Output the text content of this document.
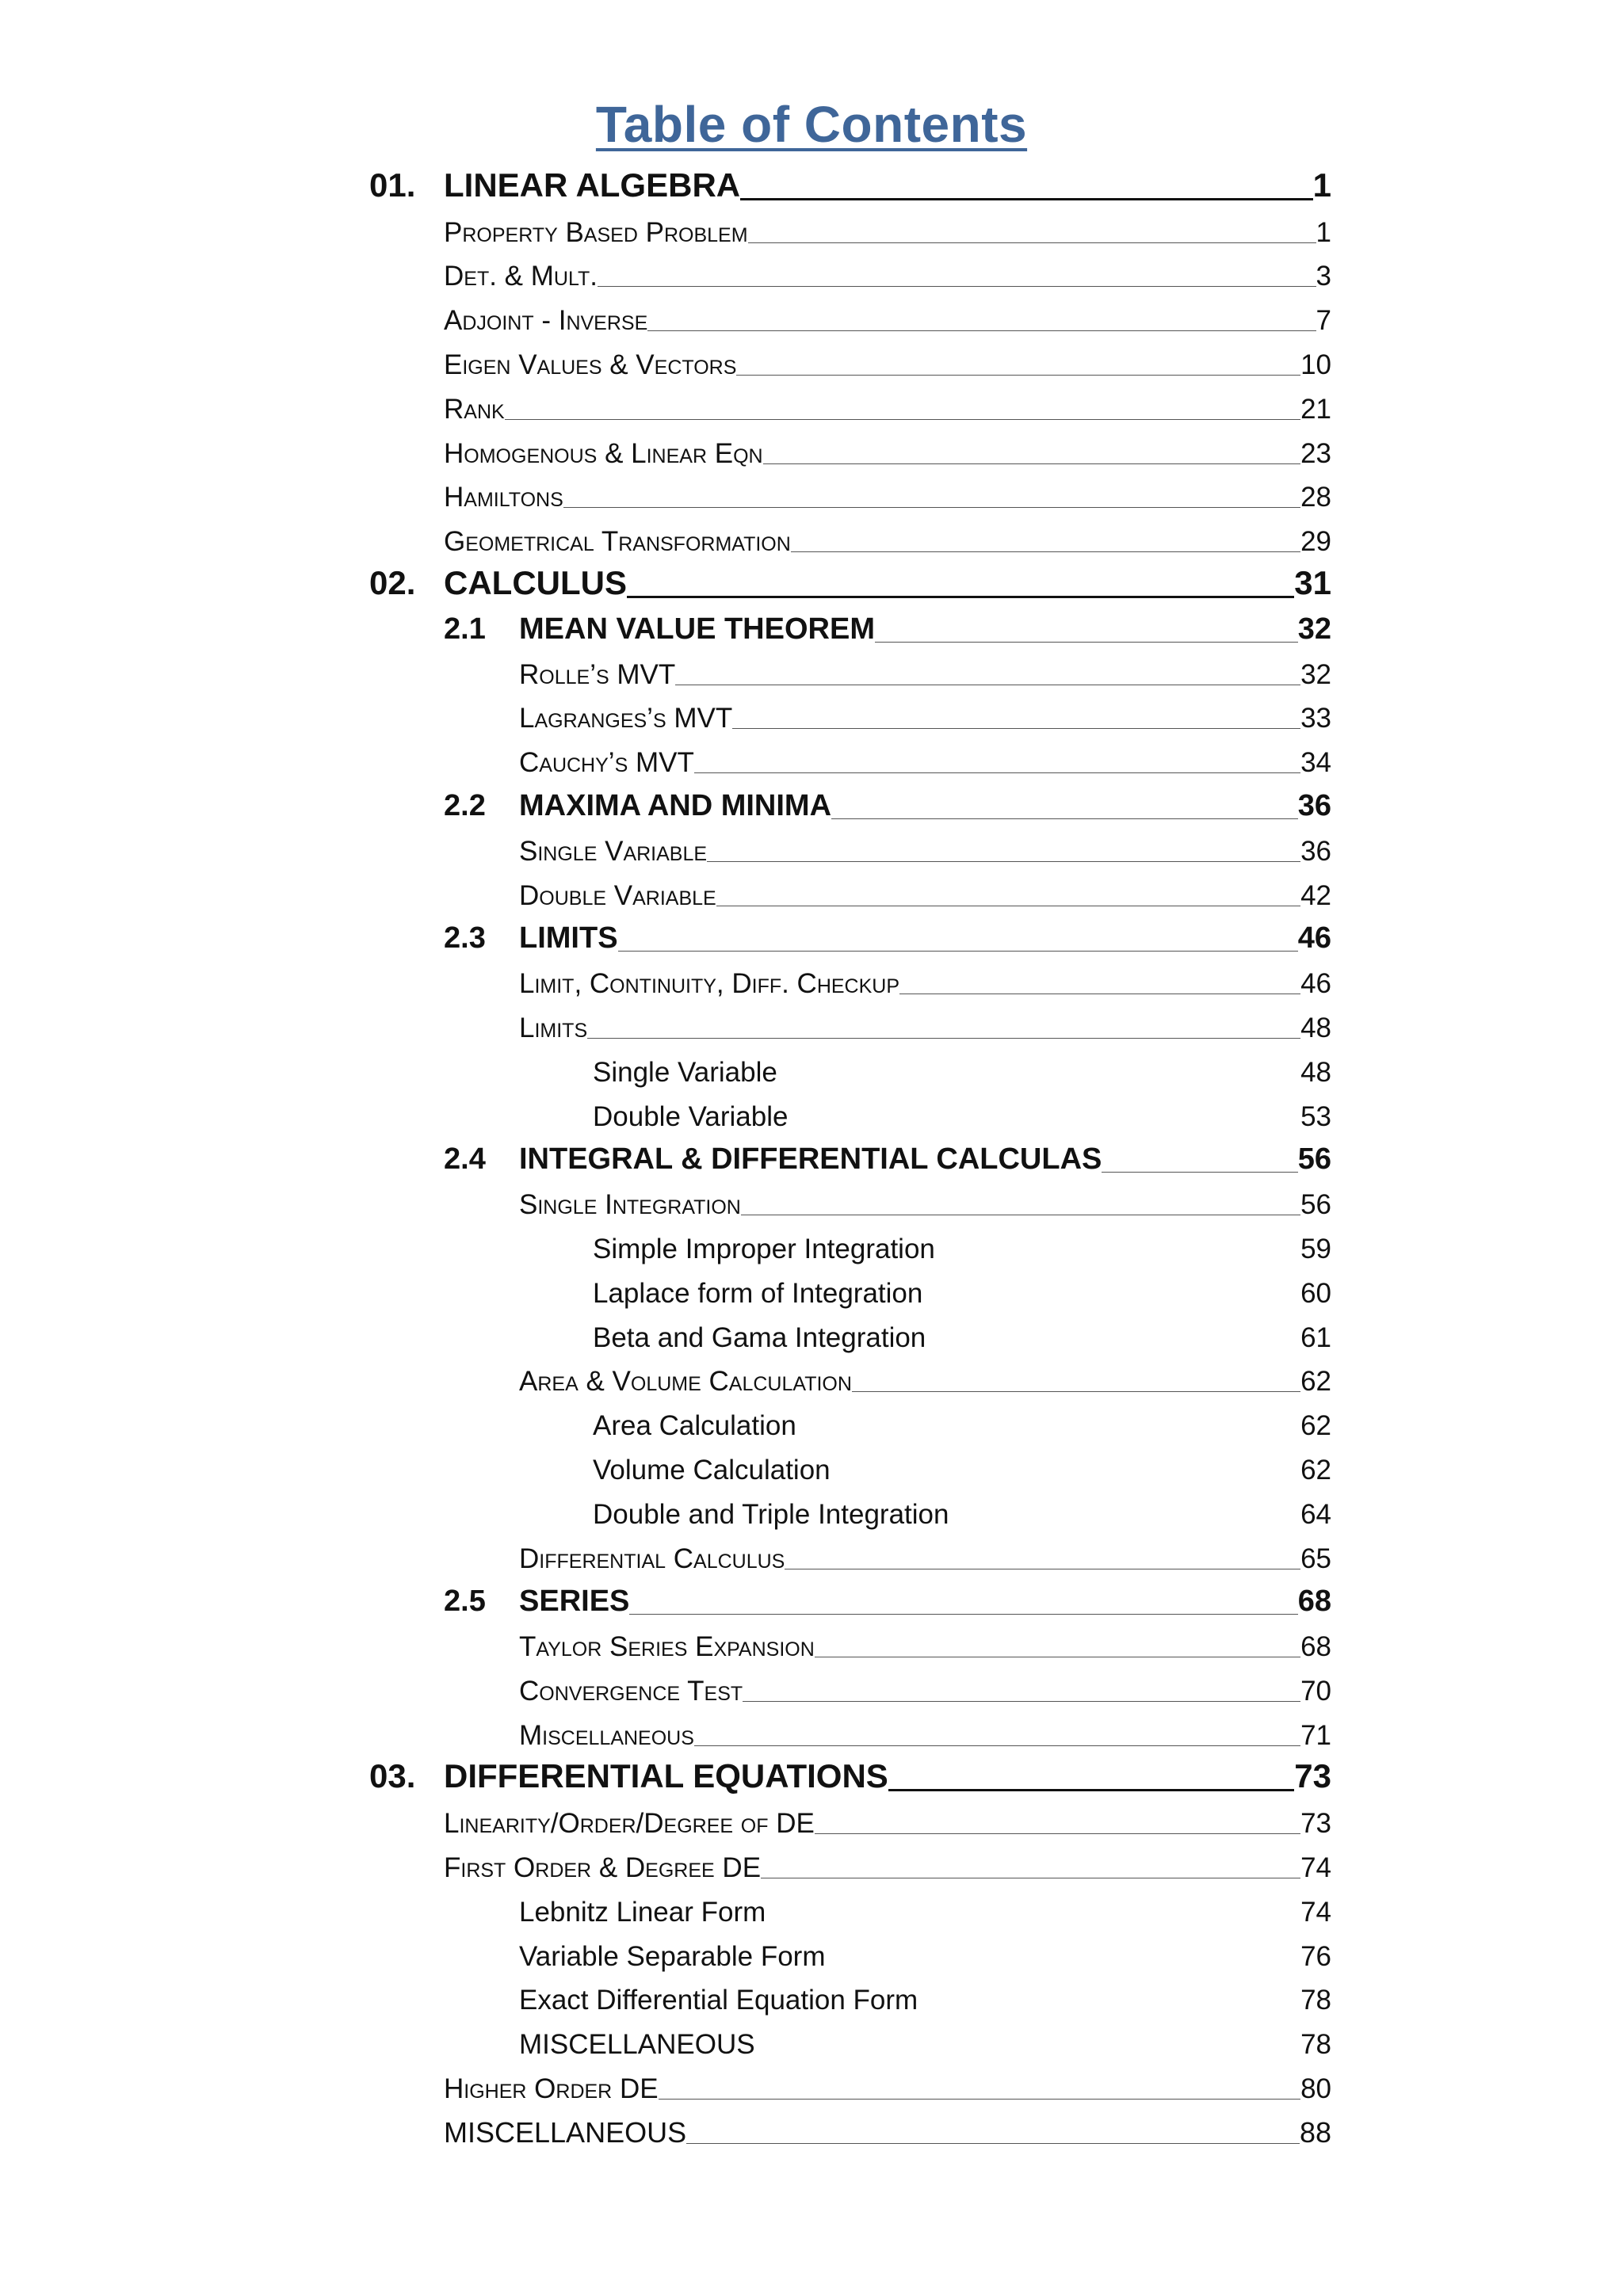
Table of Contents
01. LINEAR ALGEBRA	1
Property Based Problem	1
Det. & Mult.	3
Adjoint - Inverse	7
Eigen Values & Vectors	10
Rank	21
Homogenous & Linear Eqn	23
Hamiltons	28
Geometrical Transformation	29
02. CALCULUS	31
2.1 MEAN VALUE THEOREM	32
Rolle’s MVT	32
Lagranges’s MVT	33
Cauchy’s MVT	34
2.2 MAXIMA AND MINIMA	36
Single Variable	36
Double Variable	42
2.3 LIMITS	46
Limit, Continuity, Diff. Checkup	46
Limits	48
Single Variable	48
Double Variable	53
2.4 INTEGRAL & DIFFERENTIAL CALCULAS	56
Single Integration	56
Simple Improper Integration	59
Laplace form of Integration	60
Beta and Gama Integration	61
Area & Volume Calculation	62
Area Calculation	62
Volume Calculation	62
Double and Triple Integration	64
Differential Calculus	65
2.5 SERIES	68
Taylor Series Expansion	68
Convergence Test	70
Miscellaneous	71
03. DIFFERENTIAL EQUATIONS	73
Linearity/Order/Degree of DE	73
First Order & Degree DE	74
Lebnitz Linear Form	74
Variable Separable Form	76
Exact Differential Equation Form	78
MISCELLANEOUS	78
Higher Order DE	80
MISCELLANEOUS	88
